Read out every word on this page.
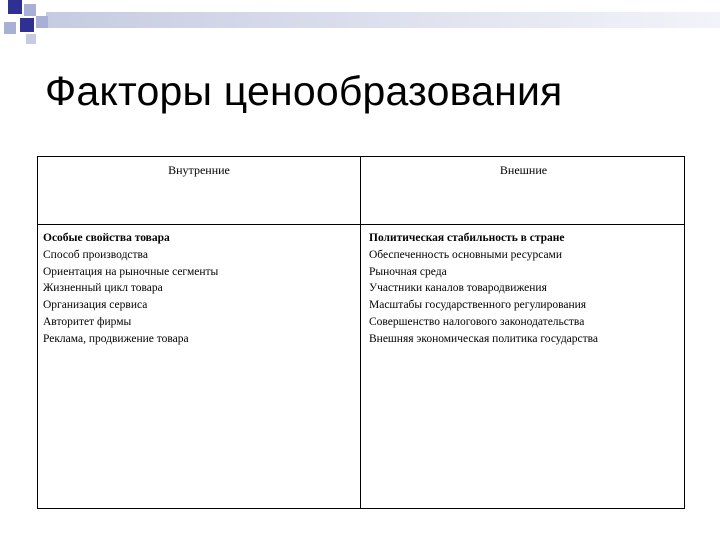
Факторы ценообразования
Внутренние	Внешние
Особые свойства товара
Способ производства
Ориентация на рыночные сегменты
Жизненный цикл товара
Организация сервиса
Авторитет фирмы
Реклама, продвижение товара
Политическая стабильность в стране
Обеспеченность основными ресурсами
Рыночная среда
Участники каналов товародвижения
Масштабы государственного регулирования
Совершенство налогового законодательства
Внешняя экономическая политика государства
